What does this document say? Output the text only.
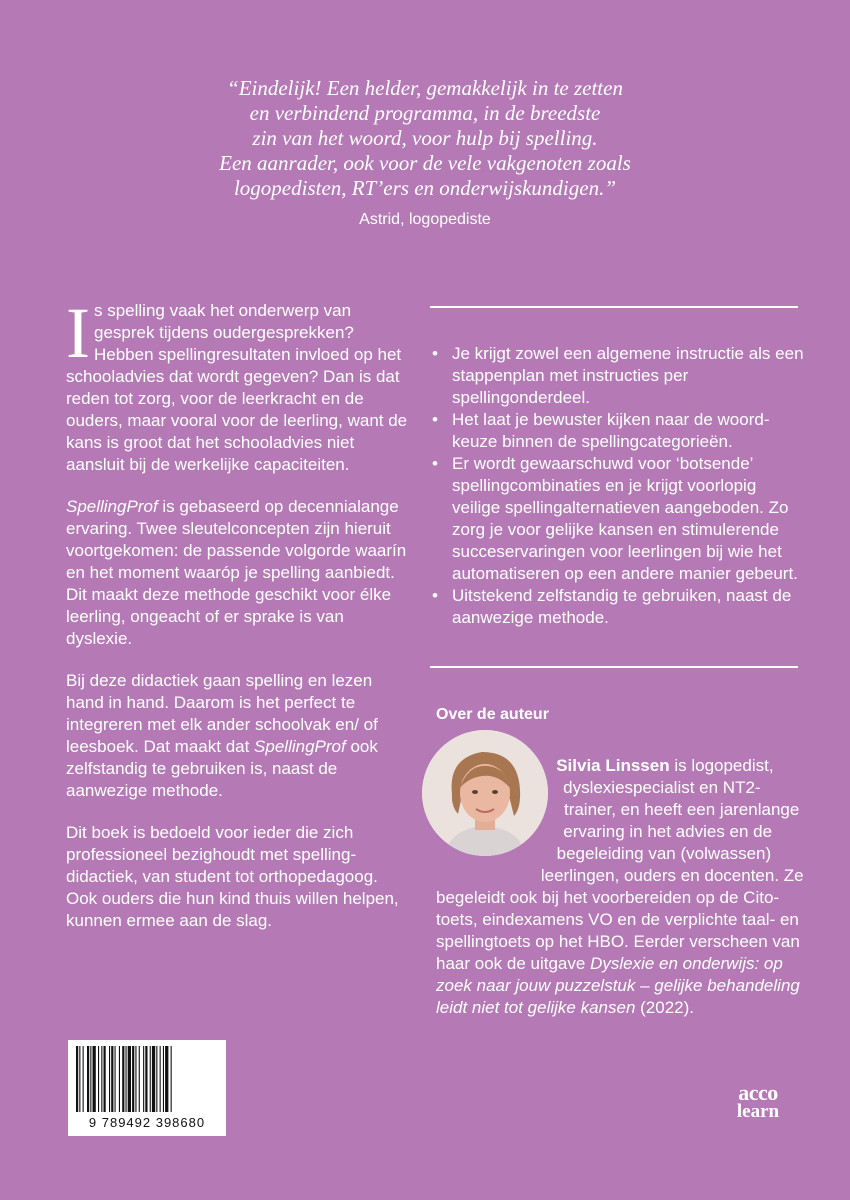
“Eindelijk! Een helder, gemakkelijk in te zetten
en verbindend programma, in de breedste
zin van het woord, voor hulp bij spelling.
Een aanrader, ook voor de vele vakgenoten zoals
logopedisten, RT’ers en onderwijskundigen.”
Astrid, logopediste

Is spelling vaak het onderwerp van gesprek tijdens oudergesprekken? Hebben spellingresultaten invloed op het schooladvies dat wordt gegeven? Dan is dat reden tot zorg, voor de leerkracht en de ouders, maar vooral voor de leerling, want de kans is groot dat het schooladvies niet aansluit bij de werkelijke capaciteiten.

SpellingProf is gebaseerd op decennialange ervaring. Twee sleutelconcepten zijn hieruit voortgekomen: de passende volgorde waarín en het moment waaróp je spelling aanbiedt. Dit maakt deze methode geschikt voor élke leerling, ongeacht of er sprake is van dyslexie.

Bij deze didactiek gaan spelling en lezen hand in hand. Daarom is het perfect te integreren met elk ander schoolvak en/ of leesboek. Dat maakt dat SpellingProf ook zelfstandig te gebruiken is, naast de aanwezige methode.

Dit boek is bedoeld voor ieder die zich professioneel bezighoudt met spellingdidactiek, van student tot orthopedagoog. Ook ouders die hun kind thuis willen helpen, kunnen ermee aan de slag.

• Je krijgt zowel een algemene instructie als een stappenplan met instructies per spellingonderdeel.
• Het laat je bewuster kijken naar de woordkeuze binnen de spellingcategorieën.
• Er wordt gewaarschuwd voor ‘botsende’ spellingcombinaties en je krijgt voorlopig veilige spellingalternatieven aangeboden. Zo zorg je voor gelijke kansen en stimulerende succeservaringen voor leerlingen bij wie het automatiseren op een andere manier gebeurt.
• Uitstekend zelfstandig te gebruiken, naast de aanwezige methode.
Over de auteur

Silvia Linssen is logopedist, dyslexiespecialist en NT2-trainer, en heeft een jarenlange ervaring in het advies en de begeleiding van (volwassen) leerlingen, ouders en docenten. Ze begeleidt ook bij het voorbereiden op de Cito-toets, eindexamens VO en de verplichte taal- en spellingtoets op het HBO. Eerder verscheen van haar ook de uitgave Dyslexie en onderwijs: op zoek naar jouw puzzelstuk – gelijke behandeling leidt niet tot gelijke kansen (2022).

9 789492 398680
acco
learn
